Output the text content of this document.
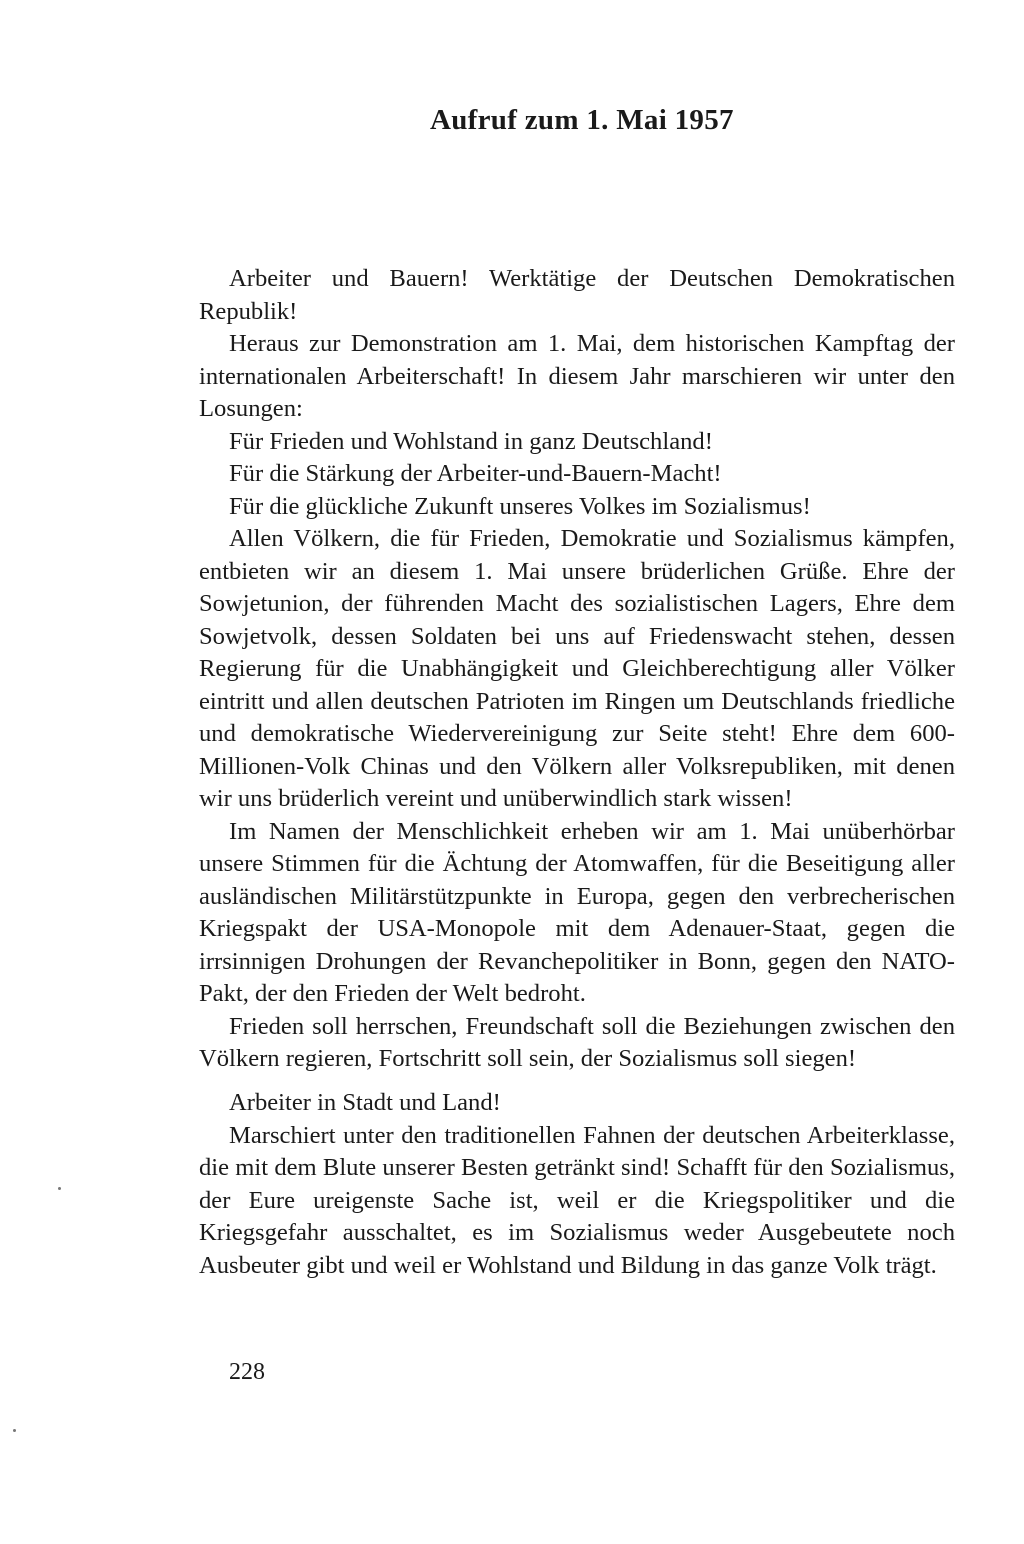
Aufruf zum 1. Mai 1957

Arbeiter und Bauern! Werktätige der Deutschen Demokratischen Republik!

Heraus zur Demonstration am 1. Mai, dem historischen Kampftag der internationalen Arbeiterschaft! In diesem Jahr marschieren wir unter den Losungen:

Für Frieden und Wohlstand in ganz Deutschland!

Für die Stärkung der Arbeiter-und-Bauern-Macht!

Für die glückliche Zukunft unseres Volkes im Sozialismus!

Allen Völkern, die für Frieden, Demokratie und Sozialismus kämpfen, entbieten wir an diesem 1. Mai unsere brüderlichen Grüße. Ehre der Sowjetunion, der führenden Macht des sozialistischen Lagers, Ehre dem Sowjetvolk, dessen Soldaten bei uns auf Friedenswacht stehen, dessen Regierung für die Unabhängigkeit und Gleichberechtigung aller Völker eintritt und allen deutschen Patrioten im Ringen um Deutschlands friedliche und demokratische Wiedervereinigung zur Seite steht! Ehre dem 600-Millionen-Volk Chinas und den Völkern aller Volksrepubliken, mit denen wir uns brüderlich vereint und unüberwindlich stark wissen!

Im Namen der Menschlichkeit erheben wir am 1. Mai unüberhörbar unsere Stimmen für die Ächtung der Atomwaffen, für die Beseitigung aller ausländischen Militärstützpunkte in Europa, gegen den verbrecherischen Kriegspakt der USA-Monopole mit dem Adenauer-Staat, gegen die irrsinnigen Drohungen der Revanchepolitiker in Bonn, gegen den NATO-Pakt, der den Frieden der Welt bedroht.

Frieden soll herrschen, Freundschaft soll die Beziehungen zwischen den Völkern regieren, Fortschritt soll sein, der Sozialismus soll siegen!

Arbeiter in Stadt und Land!

Marschiert unter den traditionellen Fahnen der deutschen Arbeiterklasse, die mit dem Blute unserer Besten getränkt sind! Schafft für den Sozialismus, der Eure ureigenste Sache ist, weil er die Kriegspolitiker und die Kriegsgefahr ausschaltet, es im Sozialismus weder Ausgebeutete noch Ausbeuter gibt und weil er Wohlstand und Bildung in das ganze Volk trägt.

228
